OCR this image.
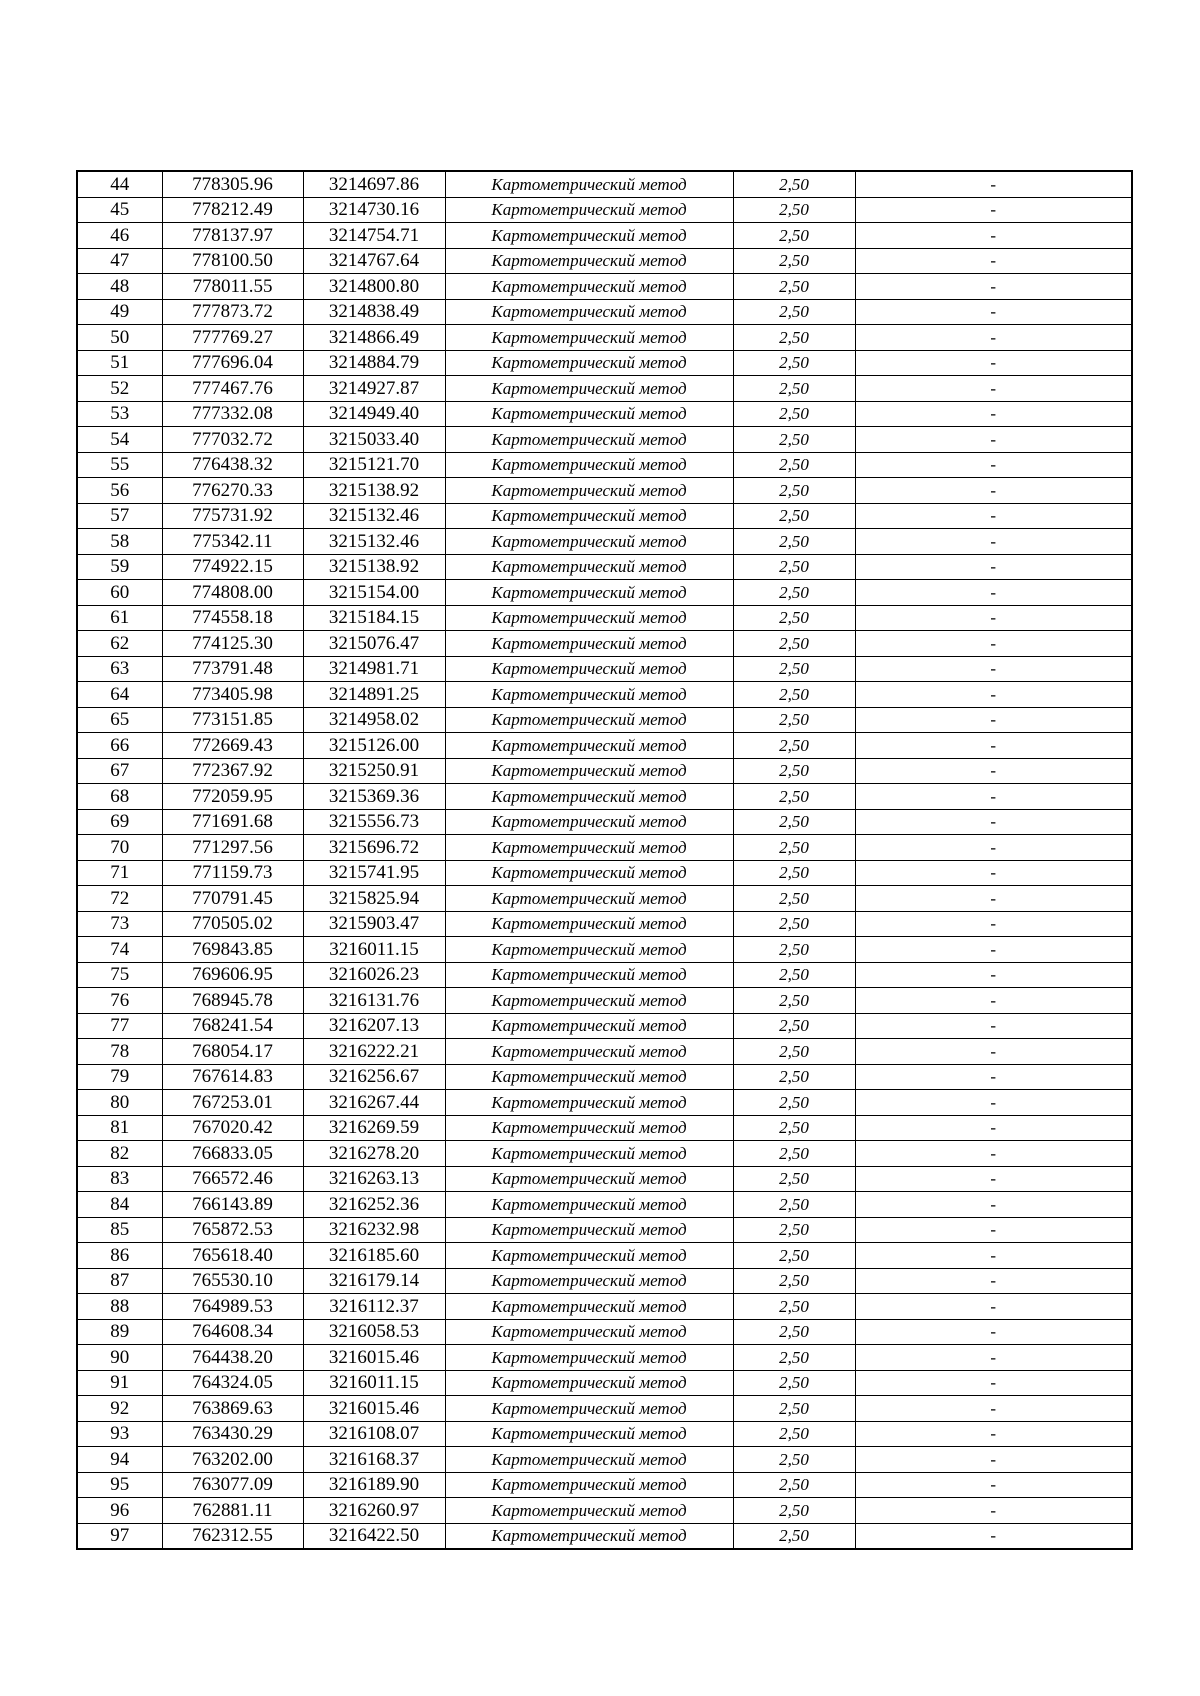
44	778305.96	3214697.86	Картометрический метод	2,50	-
45	778212.49	3214730.16	Картометрический метод	2,50	-
46	778137.97	3214754.71	Картометрический метод	2,50	-
47	778100.50	3214767.64	Картометрический метод	2,50	-
48	778011.55	3214800.80	Картометрический метод	2,50	-
49	777873.72	3214838.49	Картометрический метод	2,50	-
50	777769.27	3214866.49	Картометрический метод	2,50	-
51	777696.04	3214884.79	Картометрический метод	2,50	-
52	777467.76	3214927.87	Картометрический метод	2,50	-
53	777332.08	3214949.40	Картометрический метод	2,50	-
54	777032.72	3215033.40	Картометрический метод	2,50	-
55	776438.32	3215121.70	Картометрический метод	2,50	-
56	776270.33	3215138.92	Картометрический метод	2,50	-
57	775731.92	3215132.46	Картометрический метод	2,50	-
58	775342.11	3215132.46	Картометрический метод	2,50	-
59	774922.15	3215138.92	Картометрический метод	2,50	-
60	774808.00	3215154.00	Картометрический метод	2,50	-
61	774558.18	3215184.15	Картометрический метод	2,50	-
62	774125.30	3215076.47	Картометрический метод	2,50	-
63	773791.48	3214981.71	Картометрический метод	2,50	-
64	773405.98	3214891.25	Картометрический метод	2,50	-
65	773151.85	3214958.02	Картометрический метод	2,50	-
66	772669.43	3215126.00	Картометрический метод	2,50	-
67	772367.92	3215250.91	Картометрический метод	2,50	-
68	772059.95	3215369.36	Картометрический метод	2,50	-
69	771691.68	3215556.73	Картометрический метод	2,50	-
70	771297.56	3215696.72	Картометрический метод	2,50	-
71	771159.73	3215741.95	Картометрический метод	2,50	-
72	770791.45	3215825.94	Картометрический метод	2,50	-
73	770505.02	3215903.47	Картометрический метод	2,50	-
74	769843.85	3216011.15	Картометрический метод	2,50	-
75	769606.95	3216026.23	Картометрический метод	2,50	-
76	768945.78	3216131.76	Картометрический метод	2,50	-
77	768241.54	3216207.13	Картометрический метод	2,50	-
78	768054.17	3216222.21	Картометрический метод	2,50	-
79	767614.83	3216256.67	Картометрический метод	2,50	-
80	767253.01	3216267.44	Картометрический метод	2,50	-
81	767020.42	3216269.59	Картометрический метод	2,50	-
82	766833.05	3216278.20	Картометрический метод	2,50	-
83	766572.46	3216263.13	Картометрический метод	2,50	-
84	766143.89	3216252.36	Картометрический метод	2,50	-
85	765872.53	3216232.98	Картометрический метод	2,50	-
86	765618.40	3216185.60	Картометрический метод	2,50	-
87	765530.10	3216179.14	Картометрический метод	2,50	-
88	764989.53	3216112.37	Картометрический метод	2,50	-
89	764608.34	3216058.53	Картометрический метод	2,50	-
90	764438.20	3216015.46	Картометрический метод	2,50	-
91	764324.05	3216011.15	Картометрический метод	2,50	-
92	763869.63	3216015.46	Картометрический метод	2,50	-
93	763430.29	3216108.07	Картометрический метод	2,50	-
94	763202.00	3216168.37	Картометрический метод	2,50	-
95	763077.09	3216189.90	Картометрический метод	2,50	-
96	762881.11	3216260.97	Картометрический метод	2,50	-
97	762312.55	3216422.50	Картометрический метод	2,50	-
